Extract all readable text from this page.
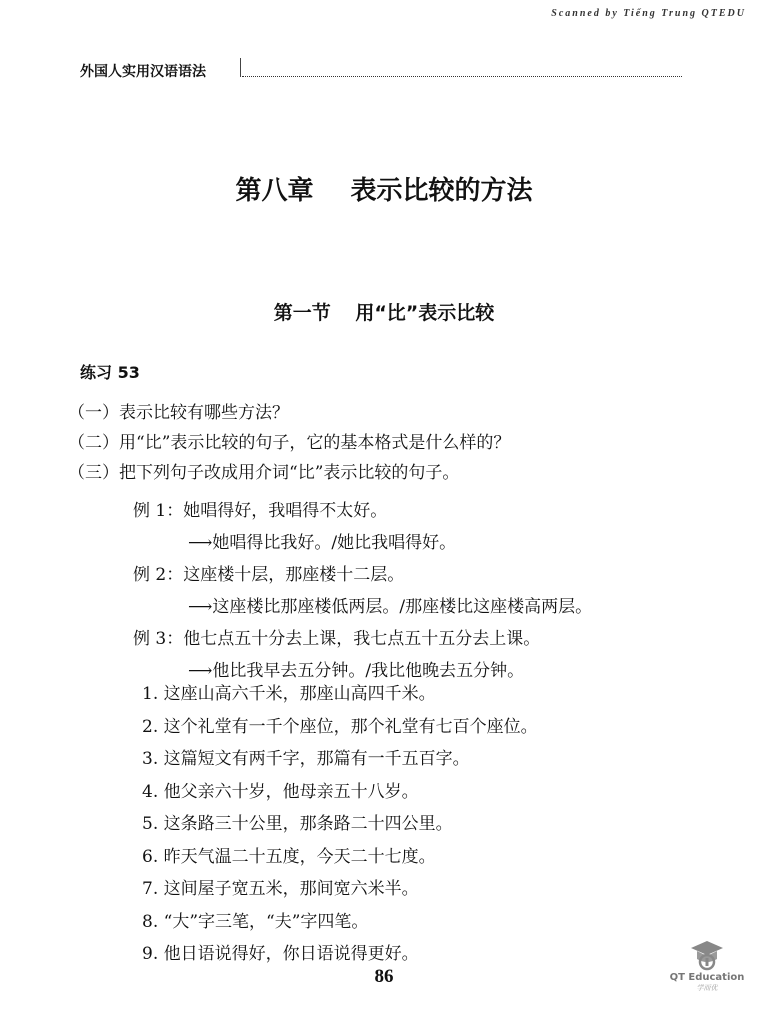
Scanned by Tiếng Trung QTEDU
外国人实用汉语语法
第八章 表示比较的方法
第一节 用“比”表示比较
练习 53
（一）表示比较有哪些方法？
（二）用“比”表示比较的句子，它的基本格式是什么样的？
（三）把下列句子改成用介词“比”表示比较的句子。
例 1：她唱得好，我唱得不太好。
⟶她唱得比我好。/她比我唱得好。
例 2：这座楼十层，那座楼十二层。
⟶这座楼比那座楼低两层。/那座楼比这座楼高两层。
例 3：他七点五十分去上课，我七点五十五分去上课。
⟶他比我早去五分钟。/我比他晚去五分钟。
1. 这座山高六千米，那座山高四千米。
2. 这个礼堂有一千个座位，那个礼堂有七百个座位。
3. 这篇短文有两千字，那篇有一千五百字。
4. 他父亲六十岁，他母亲五十八岁。
5. 这条路三十公里，那条路二十四公里。
6. 昨天气温二十五度，今天二十七度。
7. 这间屋子宽五米，那间宽六米半。
8. “大”字三笔，“夫”字四笔。
9. 他日语说得好，你日语说得更好。
86	QT Education
学而优
